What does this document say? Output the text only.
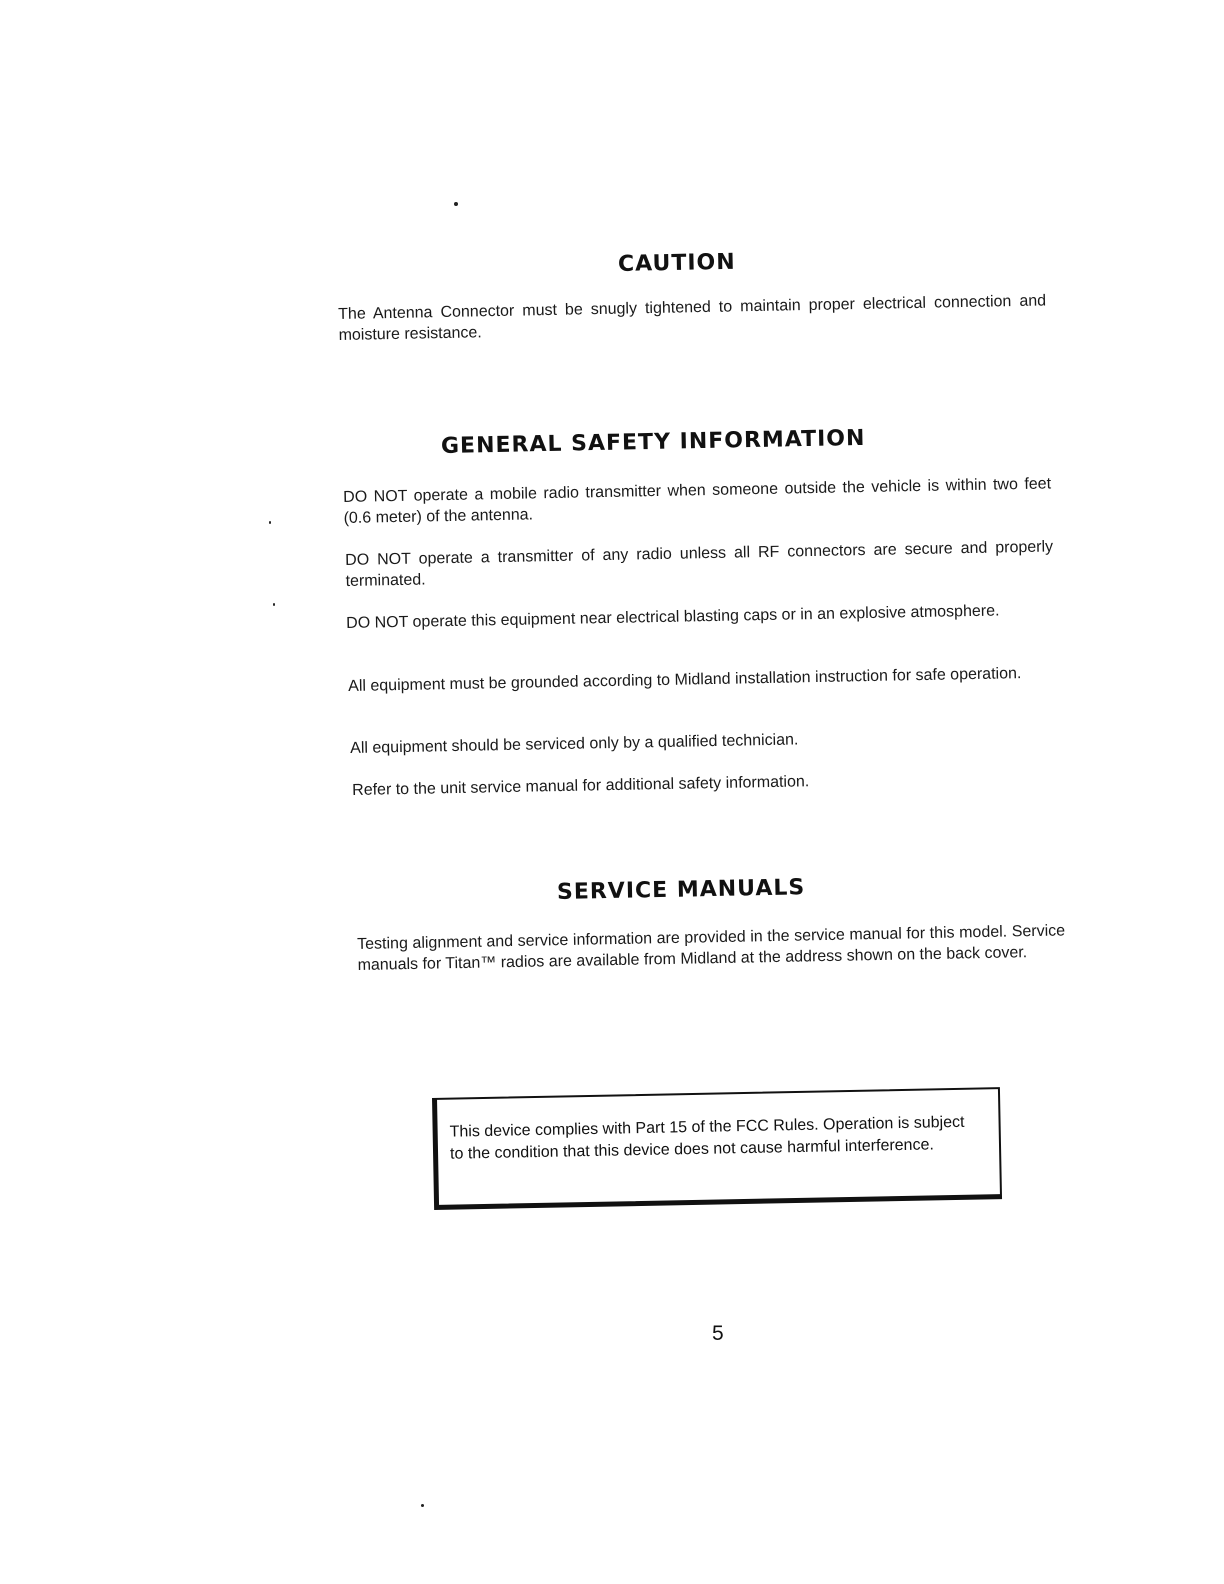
CAUTION
The Antenna Connector must be snugly tightened to maintain proper electrical connection and moisture resistance.
GENERAL SAFETY INFORMATION
DO NOT operate a mobile radio transmitter when someone outside the vehicle is within two feet (0.6 meter) of the antenna.
DO NOT operate a transmitter of any radio unless all RF connectors are secure and properly terminated.
DO NOT operate this equipment near electrical blasting caps or in an explosive atmosphere.
All equipment must be grounded according to Midland installation instruction for safe operation.
All equipment should be serviced only by a qualified technician.
Refer to the unit service manual for additional safety information.
SERVICE MANUALS
Testing alignment and service information are provided in the service manual for this model. Service manuals for Titan™ radios are available from Midland at the address shown on the back cover.
This device complies with Part 15 of the FCC Rules. Operation is subject to the condition that this device does not cause harmful interference.
5
